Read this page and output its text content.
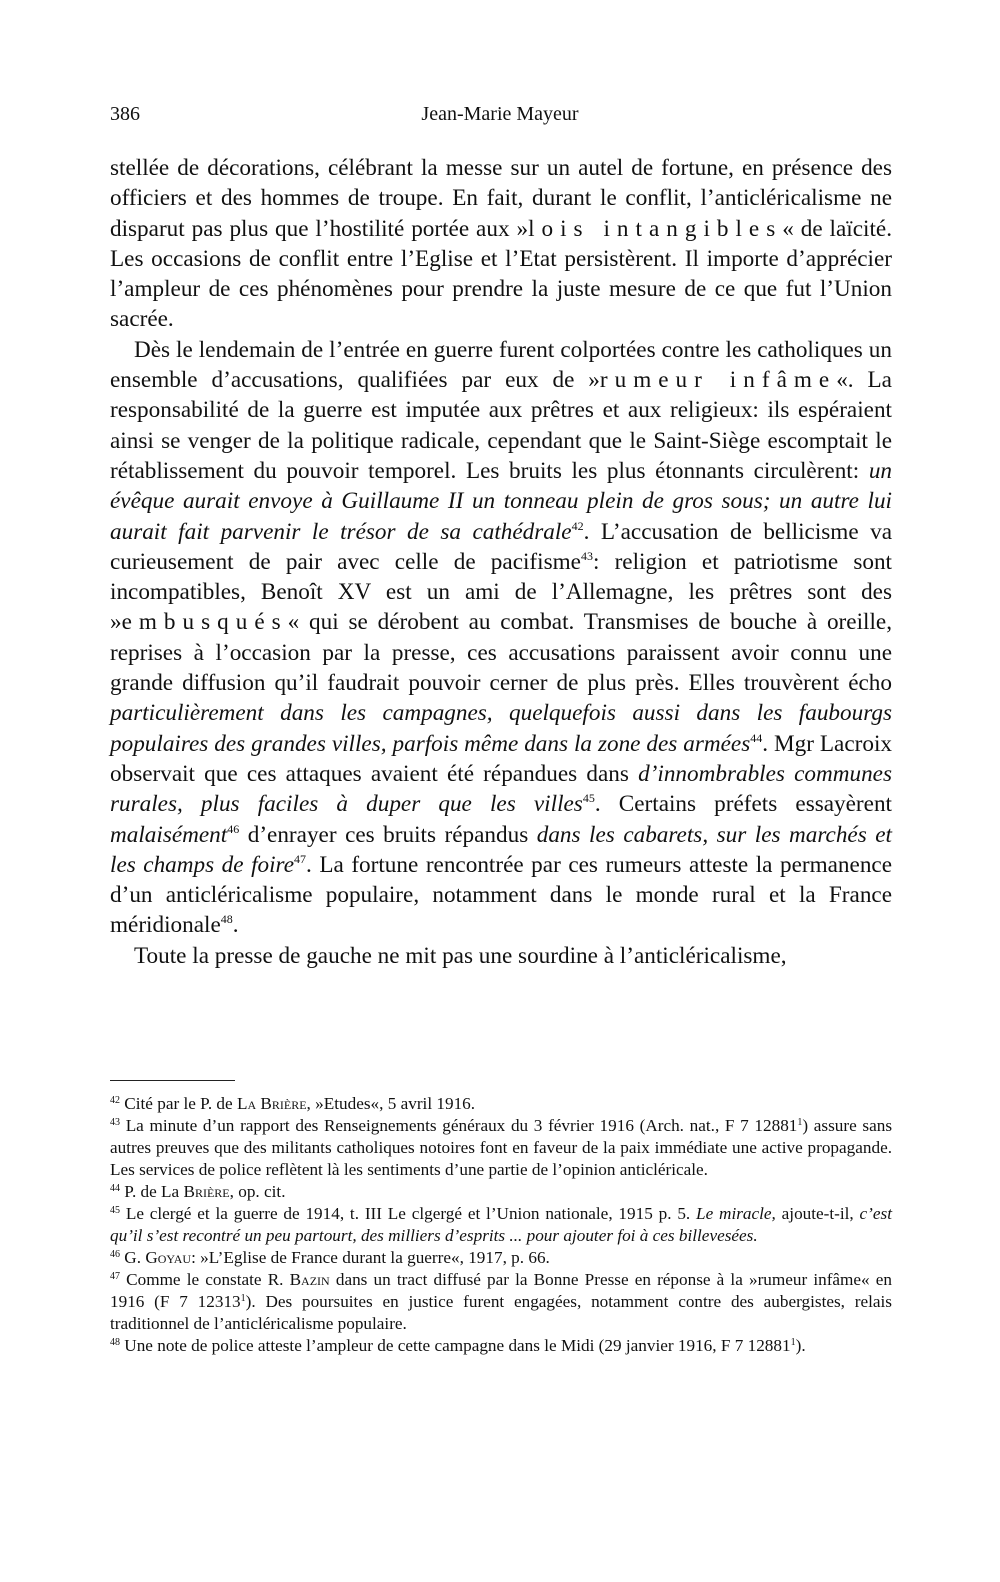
386	Jean-Marie Mayeur

stellée de décorations, célébrant la messe sur un autel de fortune, en présence des officiers et des hommes de troupe. En fait, durant le conflit, l’anticléricalisme ne disparut pas plus que l’hostilité portée aux »lois intangibles« de laïcité. Les occasions de conflit entre l’Eglise et l’Etat persistèrent. Il importe d’apprécier l’ampleur de ces phénomènes pour prendre la juste mesure de ce que fut l’Union sacrée.

Dès le lendemain de l’entrée en guerre furent colportées contre les catholiques un ensemble d’accusations, qualifiées par eux de »rumeur infâme«. La responsabilité de la guerre est imputée aux prêtres et aux religieux: ils espéraient ainsi se venger de la politique radicale, cependant que le Saint-Siège escomptait le rétablissement du pouvoir temporel. Les bruits les plus étonnants circulèrent: un évêque aurait envoye à Guillaume II un tonneau plein de gros sous; un autre lui aurait fait parvenir le trésor de sa cathédrale$^{42}$. L’accusation de bellicisme va curieusement de pair avec celle de pacifisme$^{43}$: religion et patriotisme sont incompatibles, Benoît XV est un ami de l’Allemagne, les prêtres sont des »embusqués« qui se dérobent au combat. Transmises de bouche à oreille, reprises à l’occasion par la presse, ces accusations paraissent avoir connu une grande diffusion qu’il faudrait pouvoir cerner de plus près. Elles trouvèrent écho particulièrement dans les campagnes, quelquefois aussi dans les faubourgs populaires des grandes villes, parfois même dans la zone des armées$^{44}$. Mgr Lacroix observait que ces attaques avaient été répandues dans d’innombrables communes rurales, plus faciles à duper que les villes$^{45}$. Certains préfets essayèrent malaisément$^{46}$ d’enrayer ces bruits répandus dans les cabarets, sur les marchés et les champs de foire$^{47}$. La fortune rencontrée par ces rumeurs atteste la permanence d’un anticléricalisme populaire, notamment dans le monde rural et la France méridionale$^{48}$.

Toute la presse de gauche ne mit pas une sourdine à l’anticléricalisme,

$^{42}$ Cité par le P. de La Brière, »Etudes«, 5 avril 1916.

$^{43}$ La minute d’un rapport des Renseignements généraux du 3 février 1916 (Arch. nat., F 7 12881$^1$) assure sans autres preuves que des militants catholiques notoires font en faveur de la paix immédiate une active propagande. Les services de police reflètent là les sentiments d’une partie de l’opinion anticléricale.

$^{44}$ P. de La Brière, op. cit.

$^{45}$ Le clergé et la guerre de 1914, t. III Le clgergé et l’Union nationale, 1915 p. 5. Le miracle, ajoute-t-il, c’est qu’il s’est recontré un peu partourt, des milliers d’esprits ... pour ajouter foi à ces billevesées.

$^{46}$ G. Goyau: »L’Eglise de France durant la guerre«, 1917, p. 66.

$^{47}$ Comme le constate R. Bazin dans un tract diffusé par la Bonne Presse en réponse à la »rumeur infâme« en 1916 (F 7 12313$^1$). Des poursuites en justice furent engagées, notamment contre des aubergistes, relais traditionnel de l’anticléricalisme populaire.

$^{48}$ Une note de police atteste l’ampleur de cette campagne dans le Midi (29 janvier 1916, F 7 12881$^1$).
